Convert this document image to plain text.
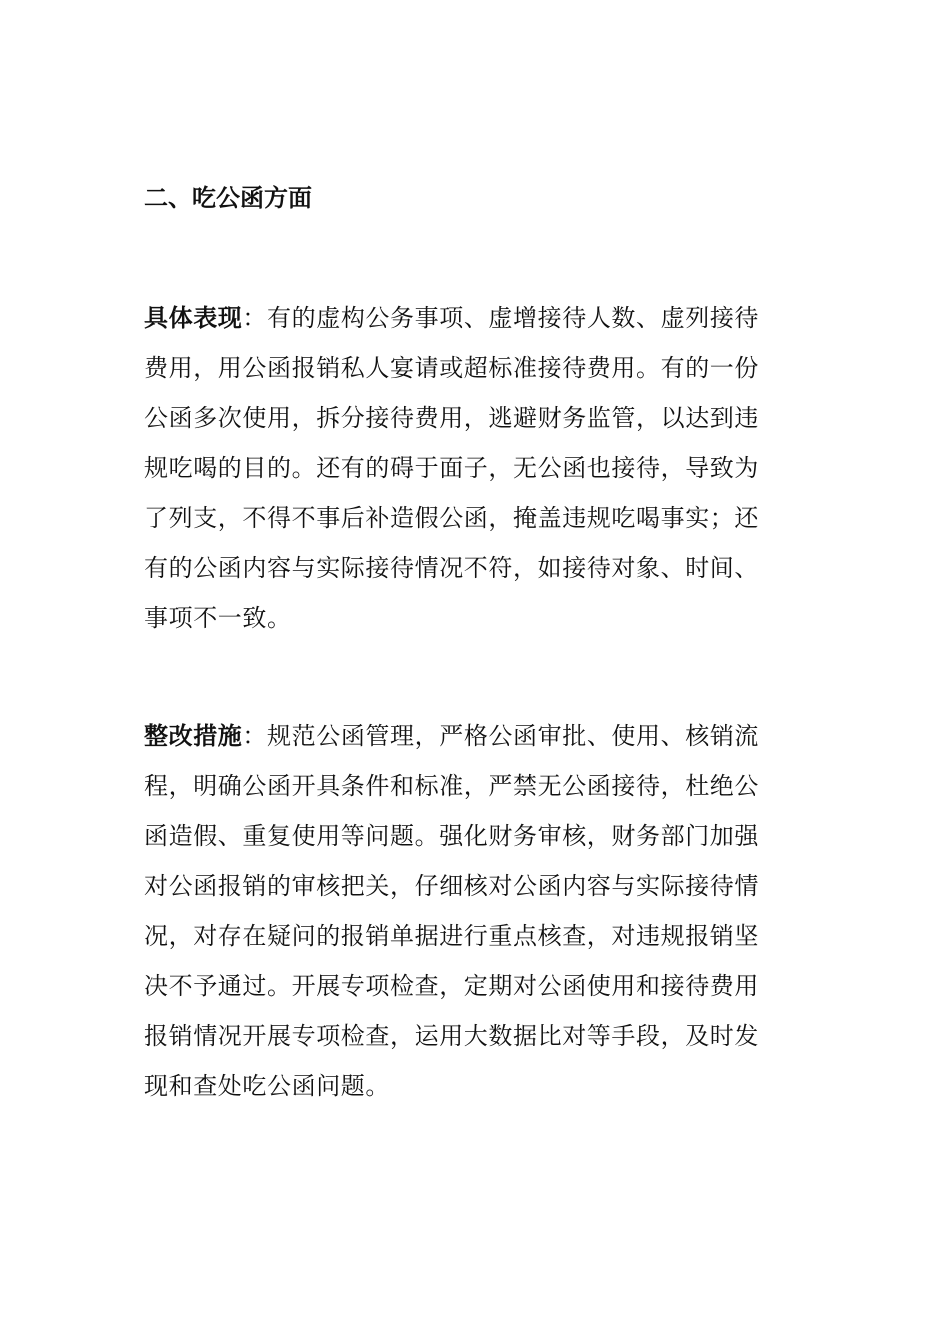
二、吃公函方面
具体表现：有的虚构公务事项、虚增接待人数、虚列接待
费用，用公函报销私人宴请或超标准接待费用。有的一份
公函多次使用，拆分接待费用，逃避财务监管，以达到违
规吃喝的目的。还有的碍于面子，无公函也接待，导致为
了列支，不得不事后补造假公函，掩盖违规吃喝事实；还
有的公函内容与实际接待情况不符，如接待对象、时间、
事项不一致。
整改措施：规范公函管理，严格公函审批、使用、核销流
程，明确公函开具条件和标准，严禁无公函接待，杜绝公
函造假、重复使用等问题。强化财务审核，财务部门加强
对公函报销的审核把关，仔细核对公函内容与实际接待情
况，对存在疑问的报销单据进行重点核查，对违规报销坚
决不予通过。开展专项检查，定期对公函使用和接待费用
报销情况开展专项检查，运用大数据比对等手段，及时发
现和查处吃公函问题。
